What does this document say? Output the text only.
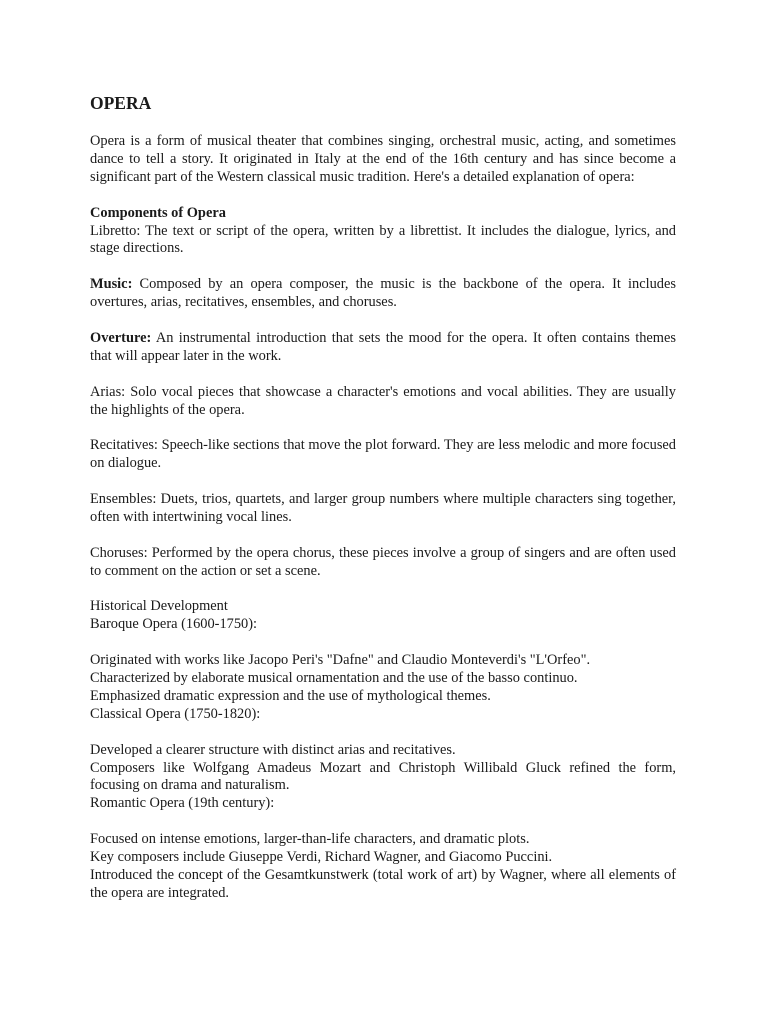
OPERA

Opera is a form of musical theater that combines singing, orchestral music, acting, and sometimes dance to tell a story. It originated in Italy at the end of the 16th century and has since become a significant part of the Western classical music tradition. Here's a detailed explanation of opera:

Components of Opera

Libretto: The text or script of the opera, written by a librettist. It includes the dialogue, lyrics, and stage directions.

Music: Composed by an opera composer, the music is the backbone of the opera. It includes overtures, arias, recitatives, ensembles, and choruses.

Overture: An instrumental introduction that sets the mood for the opera. It often contains themes that will appear later in the work.

Arias: Solo vocal pieces that showcase a character's emotions and vocal abilities. They are usually the highlights of the opera.

Recitatives: Speech-like sections that move the plot forward. They are less melodic and more focused on dialogue.

Ensembles: Duets, trios, quartets, and larger group numbers where multiple characters sing together, often with intertwining vocal lines.

Choruses: Performed by the opera chorus, these pieces involve a group of singers and are often used to comment on the action or set a scene.

Historical Development

Baroque Opera (1600-1750):

Originated with works like Jacopo Peri's "Dafne" and Claudio Monteverdi's "L'Orfeo".

Characterized by elaborate musical ornamentation and the use of the basso continuo.

Emphasized dramatic expression and the use of mythological themes.

Classical Opera (1750-1820):

Developed a clearer structure with distinct arias and recitatives.

Composers like Wolfgang Amadeus Mozart and Christoph Willibald Gluck refined the form, focusing on drama and naturalism.

Romantic Opera (19th century):

Focused on intense emotions, larger-than-life characters, and dramatic plots.

Key composers include Giuseppe Verdi, Richard Wagner, and Giacomo Puccini.

Introduced the concept of the Gesamtkunstwerk (total work of art) by Wagner, where all elements of the opera are integrated.
